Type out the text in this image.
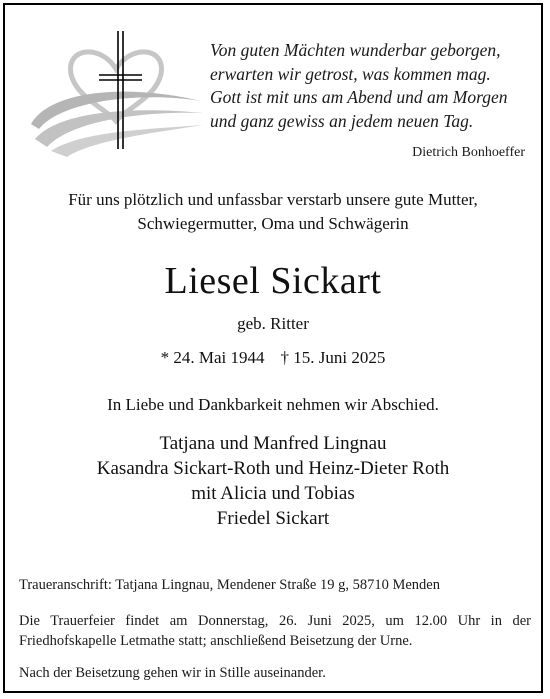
Von guten Mächten wunderbar geborgen,
erwarten wir getrost, was kommen mag.
Gott ist mit uns am Abend und am Morgen
und ganz gewiss an jedem neuen Tag.
Dietrich Bonhoeffer
Für uns plötzlich und unfassbar verstarb unsere gute Mutter,
Schwiegermutter, Oma und Schwägerin
Liesel Sickart
geb. Ritter
* 24. Mai 1944 † 15. Juni 2025
In Liebe und Dankbarkeit nehmen wir Abschied.
Tatjana und Manfred Lingnau
Kasandra Sickart-Roth und Heinz-Dieter Roth
mit Alicia und Tobias
Friedel Sickart
Traueranschrift: Tatjana Lingnau, Mendener Straße 19 g, 58710 Menden
Die Trauerfeier findet am Donnerstag, 26. Juni 2025, um 12.00 Uhr in der Friedhofskapelle Letmathe statt; anschließend Beisetzung der Urne.
Nach der Beisetzung gehen wir in Stille auseinander.
